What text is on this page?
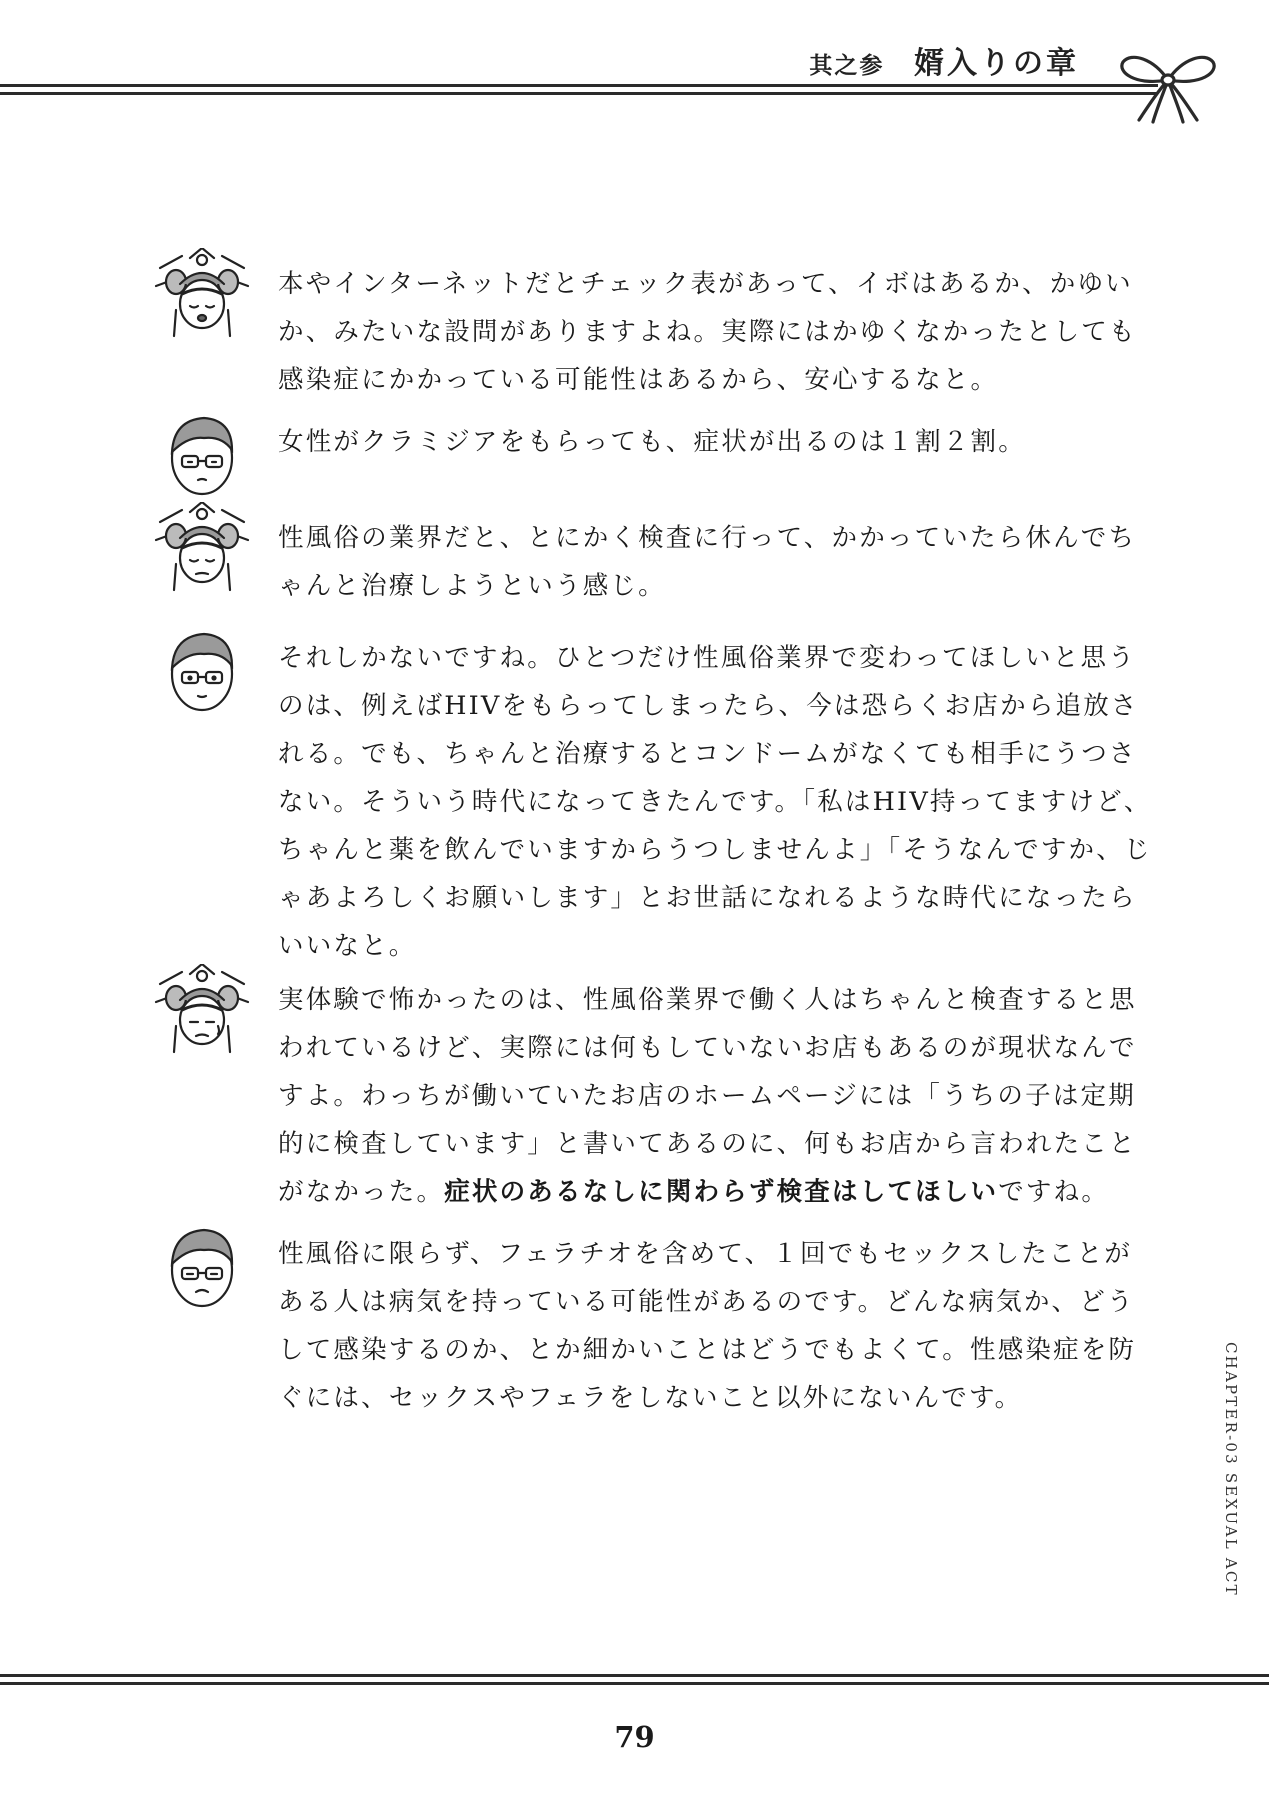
其之参 婿入りの章
本やインターネットだとチェック表があって、イボはあるか、かゆいか、みたいな設問がありますよね。実際にはかゆくなかったとしても感染症にかかっている可能性はあるから、安心するなと。
女性がクラミジアをもらっても、症状が出るのは１割２割。
性風俗の業界だと、とにかく検査に行って、かかっていたら休んでちゃんと治療しようという感じ。
それしかないですね。ひとつだけ性風俗業界で変わってほしいと思うのは、例えばHIVをもらってしまったら、今は恐らくお店から追放される。でも、ちゃんと治療するとコンドームがなくても相手にうつさない。そういう時代になってきたんです。「私はHIV持ってますけど、ちゃんと薬を飲んでいますからうつしませんよ」「そうなんですか、じゃあよろしくお願いします」とお世話になれるような時代になったらいいなと。
実体験で怖かったのは、性風俗業界で働く人はちゃんと検査すると思われているけど、実際には何もしていないお店もあるのが現状なんですよ。わっちが働いていたお店のホームページには「うちの子は定期的に検査しています」と書いてあるのに、何もお店から言われたことがなかった。症状のあるなしに関わらず検査はしてほしいですね。
性風俗に限らず、フェラチオを含めて、１回でもセックスしたことがある人は病気を持っている可能性があるのです。どんな病気か、どうして感染するのか、とか細かいことはどうでもよくて。性感染症を防ぐには、セックスやフェラをしないこと以外にないんです。	CHAPTER-03 SEXUAL ACT
79
